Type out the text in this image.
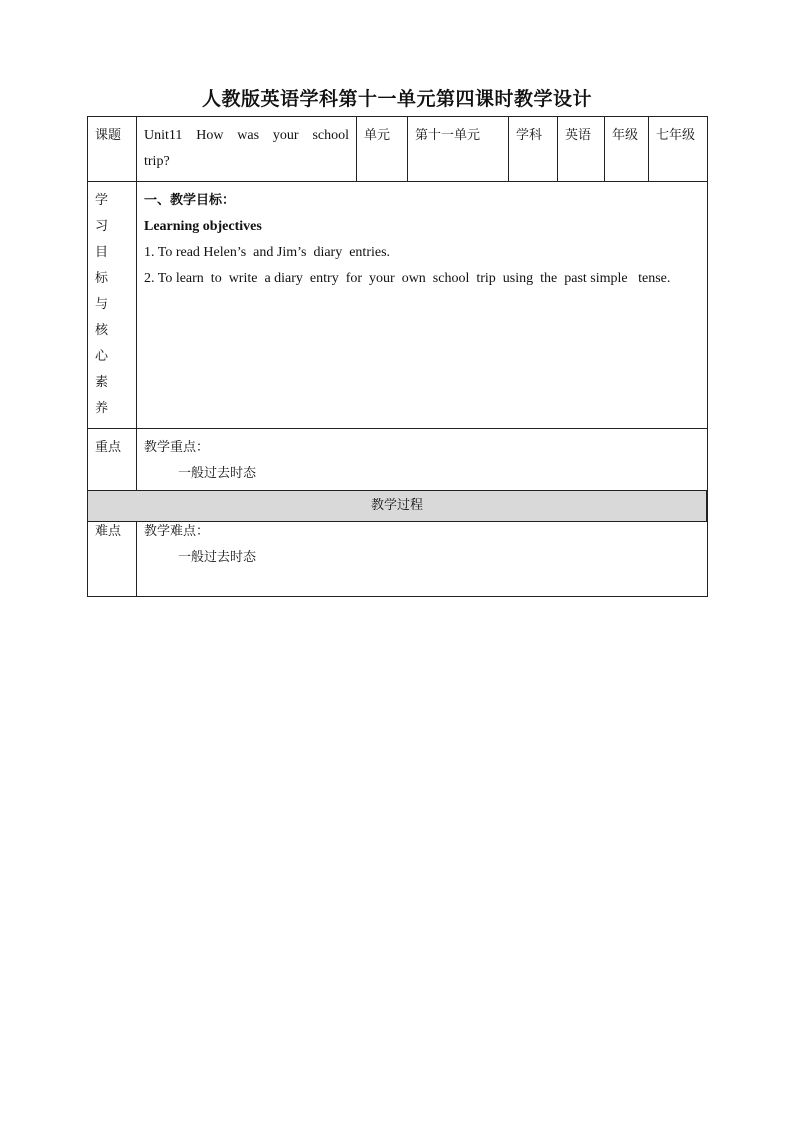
人教版英语学科第十一单元第四课时教学设计
课题	Unit11 How was your school trip?	单元	第十一单元	学科	英语	年级	七年级
学习目标与核心素养	一、教学目标：
Learning objectives
1. To read Helen’s  and Jim’s  diary  entries.
2. To learn  to  write  a diary  entry  for  your  own  school  trip  using  the  past simple   tense.						

重点	教学重点：
一般过去时态						

难点	教学难点：
一般过去时态						
教学过程
